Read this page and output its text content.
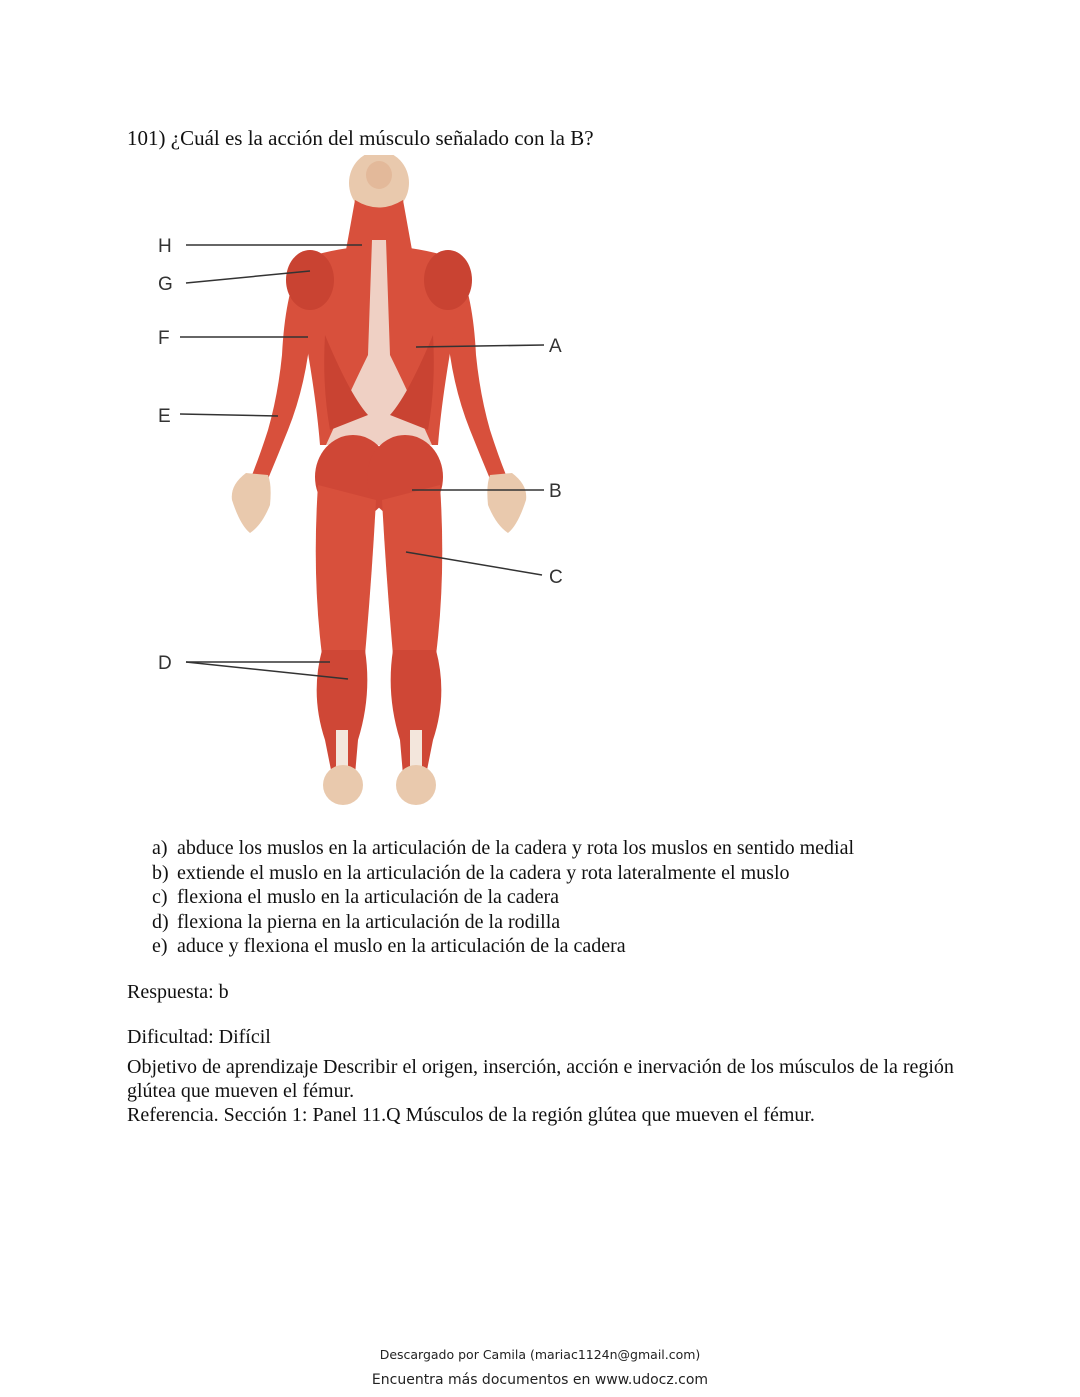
101) ¿Cuál es la acción del músculo señalado con la B?
H
G
F
E
D
A
B
C
a) abduce los muslos en la articulación de la cadera y rota los muslos en sentido medial
b) extiende el muslo en la articulación de la cadera y rota lateralmente el muslo
c) flexiona el muslo en la articulación de la cadera
d) flexiona la pierna en la articulación de la rodilla
e) aduce y flexiona el muslo en la articulación de la cadera

Respuesta: b

Dificultad: Difícil

Objetivo de aprendizaje Describir el origen, inserción, acción e inervación de los músculos de la región glútea que mueven el fémur.

Referencia. Sección 1: Panel 11.Q Músculos de la región glútea que mueven el fémur.

Descargado por Camila (mariac1124n@gmail.com)
Encuentra más documentos en www.udocz.com
